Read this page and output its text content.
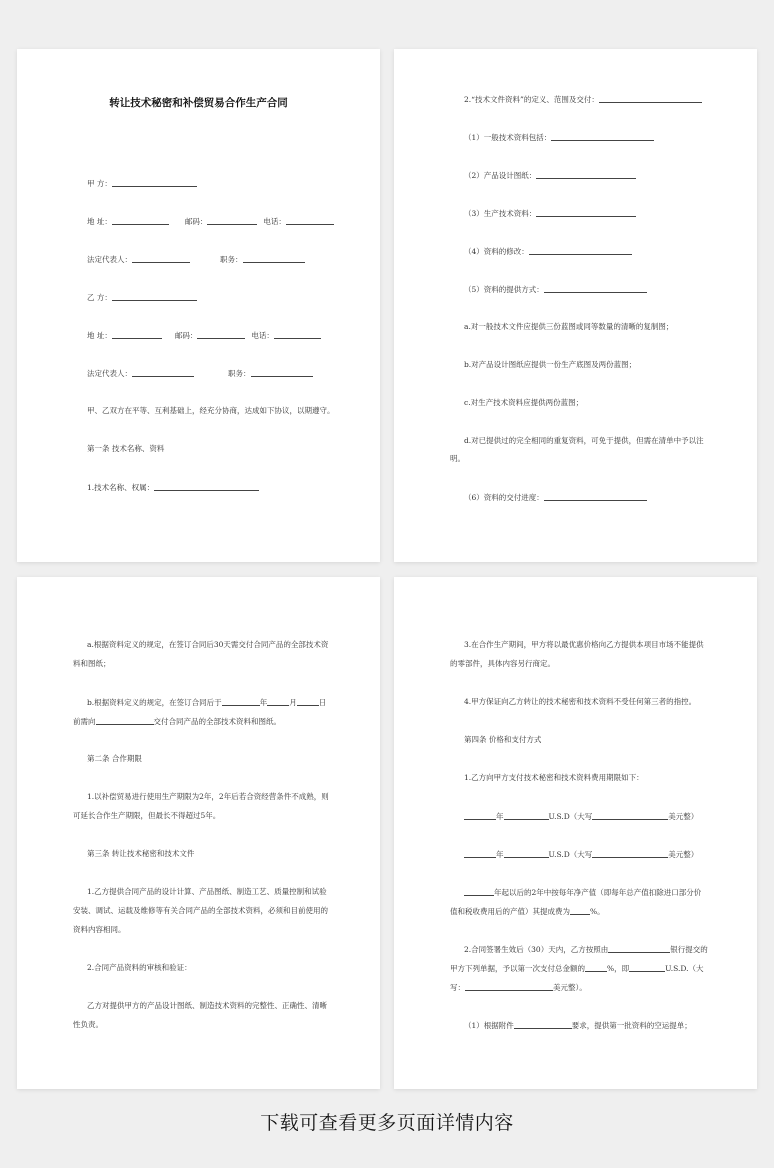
转让技术秘密和补偿贸易合作生产合同
甲 方：
地 址：	邮码：	电话：
法定代表人：	职务：
乙 方：
地 址：	邮码：	电话：
法定代表人：	职务：
甲、乙双方在平等、互利基础上，经充分协商，达成如下协议，以期遵守。
第一条 技术名称、资料
1.技术名称、权属：
2.“技术文件资料”的定义、范围及交付：
（1）一般技术资料包括：
（2）产品设计图纸：
（3）生产技术资料：
（4）资料的修改：
（5）资料的提供方式：
a.对一般技术文件应提供三份蓝图或同等数量的清晰的复制图；
b.对产品设计图纸应提供一份生产底图及两份蓝图；
c.对生产技术资料应提供两份蓝图；
d.对已提供过的完全相同的重复资料，可免于提供，但需在清单中予以注
明。
（6）资料的交付进度：
a.根据资料定义的规定，在签订合同后30天需交付合同产品的全部技术资
料和图纸；
b.根据资料定义的规定，在签订合同后于	年	月	日
前需向	交付合同产品的全部技术资料和图纸。
第二条 合作期限
1.以补偿贸易进行使用生产期限为2年，2年后若合资经营条件不成熟，则
可延长合作生产期限，但最长不得超过5年。
第三条 转让技术秘密和技术文件
1.乙方提供合同产品的设计计算、产品图纸、制造工艺、质量控制和试验
安装、调试、运载及维修等有关合同产品的全部技术资料，必须和目前使用的
资料内容相同。
2.合同产品资料的审核和验证：
乙方对提供甲方的产品设计图纸、制造技术资料的完整性、正确性、清晰
性负责。
3.在合作生产期间，甲方将以最优惠价格向乙方提供本项目市场不能提供
的零部件，具体内容另行商定。
4.甲方保证向乙方转让的技术秘密和技术资料不受任何第三者的指控。
第四条 价格和支付方式
1.乙方向甲方支付技术秘密和技术资料费用期限如下：
年	U.S.D（大写	美元整）
年	U.S.D（大写	美元整）
年起以后的2年中按每年净产值（即每年总产值扣除进口部分价
值和税收费用后的产值）其提成费为	%。
2.合同签署生效后（30）天内，乙方按照由	银行提交的
甲方下列单据，予以第一次支付总金额的	%，即	U.S.D.（大
写：	美元整）。
（1）根据附件	要求，提供第一批资料的空运提单；
下载可查看更多页面详情内容
